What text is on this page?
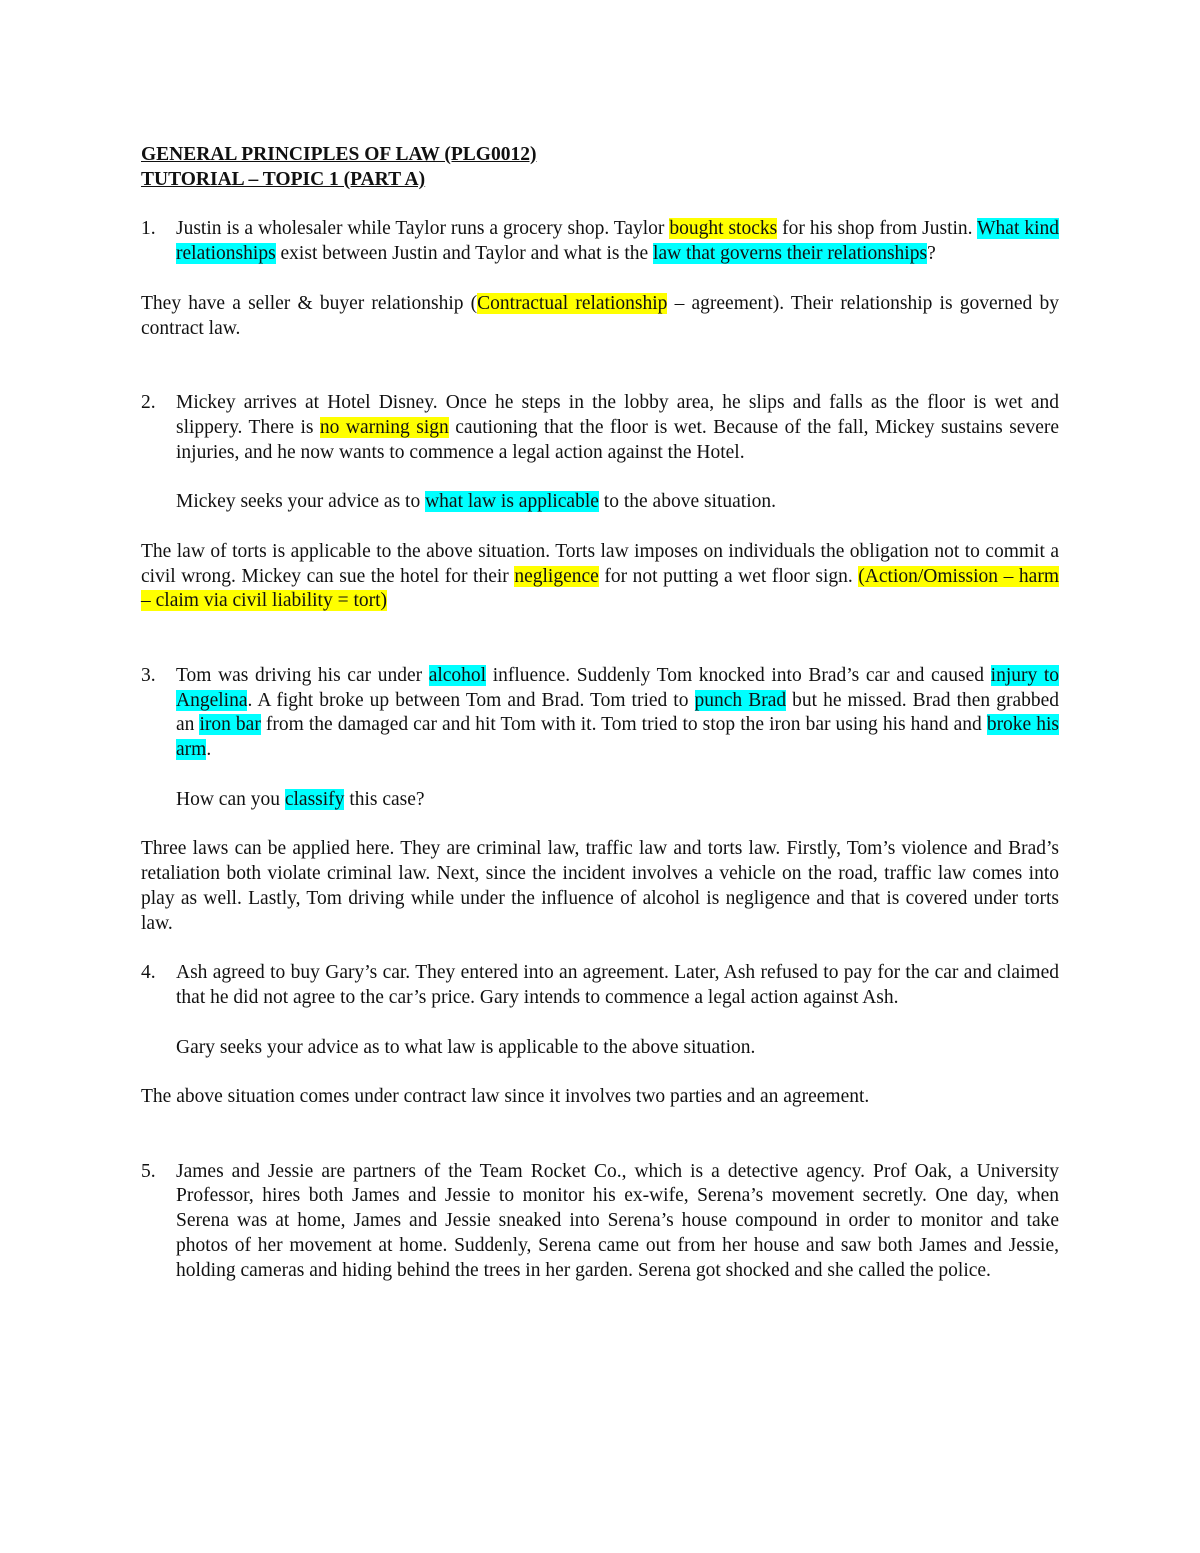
GENERAL PRINCIPLES OF LAW (PLG0012)
TUTORIAL – TOPIC 1 (PART A)
1. Justin is a wholesaler while Taylor runs a grocery shop. Taylor bought stocks for his shop from Justin. What kind relationships exist between Justin and Taylor and what is the law that governs their relationships?
They have a seller & buyer relationship (Contractual relationship – agreement). Their relationship is governed by contract law.
2. Mickey arrives at Hotel Disney. Once he steps in the lobby area, he slips and falls as the floor is wet and slippery. There is no warning sign cautioning that the floor is wet. Because of the fall, Mickey sustains severe injuries, and he now wants to commence a legal action against the Hotel.
Mickey seeks your advice as to what law is applicable to the above situation.
The law of torts is applicable to the above situation. Torts law imposes on individuals the obligation not to commit a civil wrong. Mickey can sue the hotel for their negligence for not putting a wet floor sign. (Action/Omission – harm – claim via civil liability = tort)
3. Tom was driving his car under alcohol influence. Suddenly Tom knocked into Brad’s car and caused injury to Angelina. A fight broke up between Tom and Brad. Tom tried to punch Brad but he missed. Brad then grabbed an iron bar from the damaged car and hit Tom with it. Tom tried to stop the iron bar using his hand and broke his arm.
How can you classify this case?
Three laws can be applied here. They are criminal law, traffic law and torts law. Firstly, Tom’s violence and Brad’s retaliation both violate criminal law. Next, since the incident involves a vehicle on the road, traffic law comes into play as well. Lastly, Tom driving while under the influence of alcohol is negligence and that is covered under torts law.
4. Ash agreed to buy Gary’s car. They entered into an agreement. Later, Ash refused to pay for the car and claimed that he did not agree to the car’s price. Gary intends to commence a legal action against Ash.
Gary seeks your advice as to what law is applicable to the above situation.
The above situation comes under contract law since it involves two parties and an agreement.
5. James and Jessie are partners of the Team Rocket Co., which is a detective agency. Prof Oak, a University Professor, hires both James and Jessie to monitor his ex-wife, Serena’s movement secretly. One day, when Serena was at home, James and Jessie sneaked into Serena’s house compound in order to monitor and take photos of her movement at home. Suddenly, Serena came out from her house and saw both James and Jessie, holding cameras and hiding behind the trees in her garden. Serena got shocked and she called the police.
